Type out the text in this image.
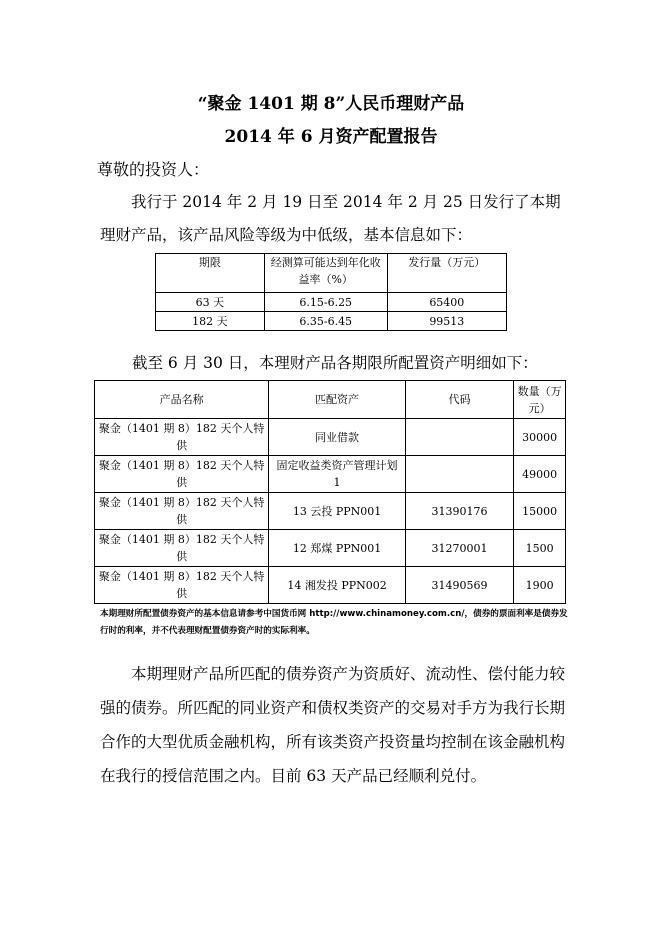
“聚金 1401 期 8”人民币理财产品
2014 年 6 月资产配置报告
尊敬的投资人：
我行于 2014 年 2 月 19 日至 2014 年 2 月 25 日发行了本期理财产品，该产品风险等级为中低级，基本信息如下：
期限	经测算可能达到年化收益率（%）	发行量（万元）
63 天	6.15-6.25	65400
182 天	6.35-6.45	99513
截至 6 月 30 日，本理财产品各期限所配置资产明细如下：
产品名称	匹配资产	代码	数量（万元）
聚金（1401 期 8）182 天个人特供	同业借款		30000
聚金（1401 期 8）182 天个人特供	固定收益类资产管理计划 1		49000
聚金（1401 期 8）182 天个人特供	13 云投 PPN001	31390176	15000
聚金（1401 期 8）182 天个人特供	12 郑煤 PPN001	31270001	1500
聚金（1401 期 8）182 天个人特供	14 湘发投 PPN002	31490569	1900
本期理财所配置债券资产的基本信息请参考中国货币网 http://www.chinamoney.com.cn/，债券的票面利率是债券发行时的利率，并不代表理财配置债券资产时的实际利率。
本期理财产品所匹配的债券资产为资质好、流动性、偿付能力较强的债券。所匹配的同业资产和债权类资产的交易对手方为我行长期合作的大型优质金融机构，所有该类资产投资量均控制在该金融机构在我行的授信范围之内。目前 63 天产品已经顺利兑付。
